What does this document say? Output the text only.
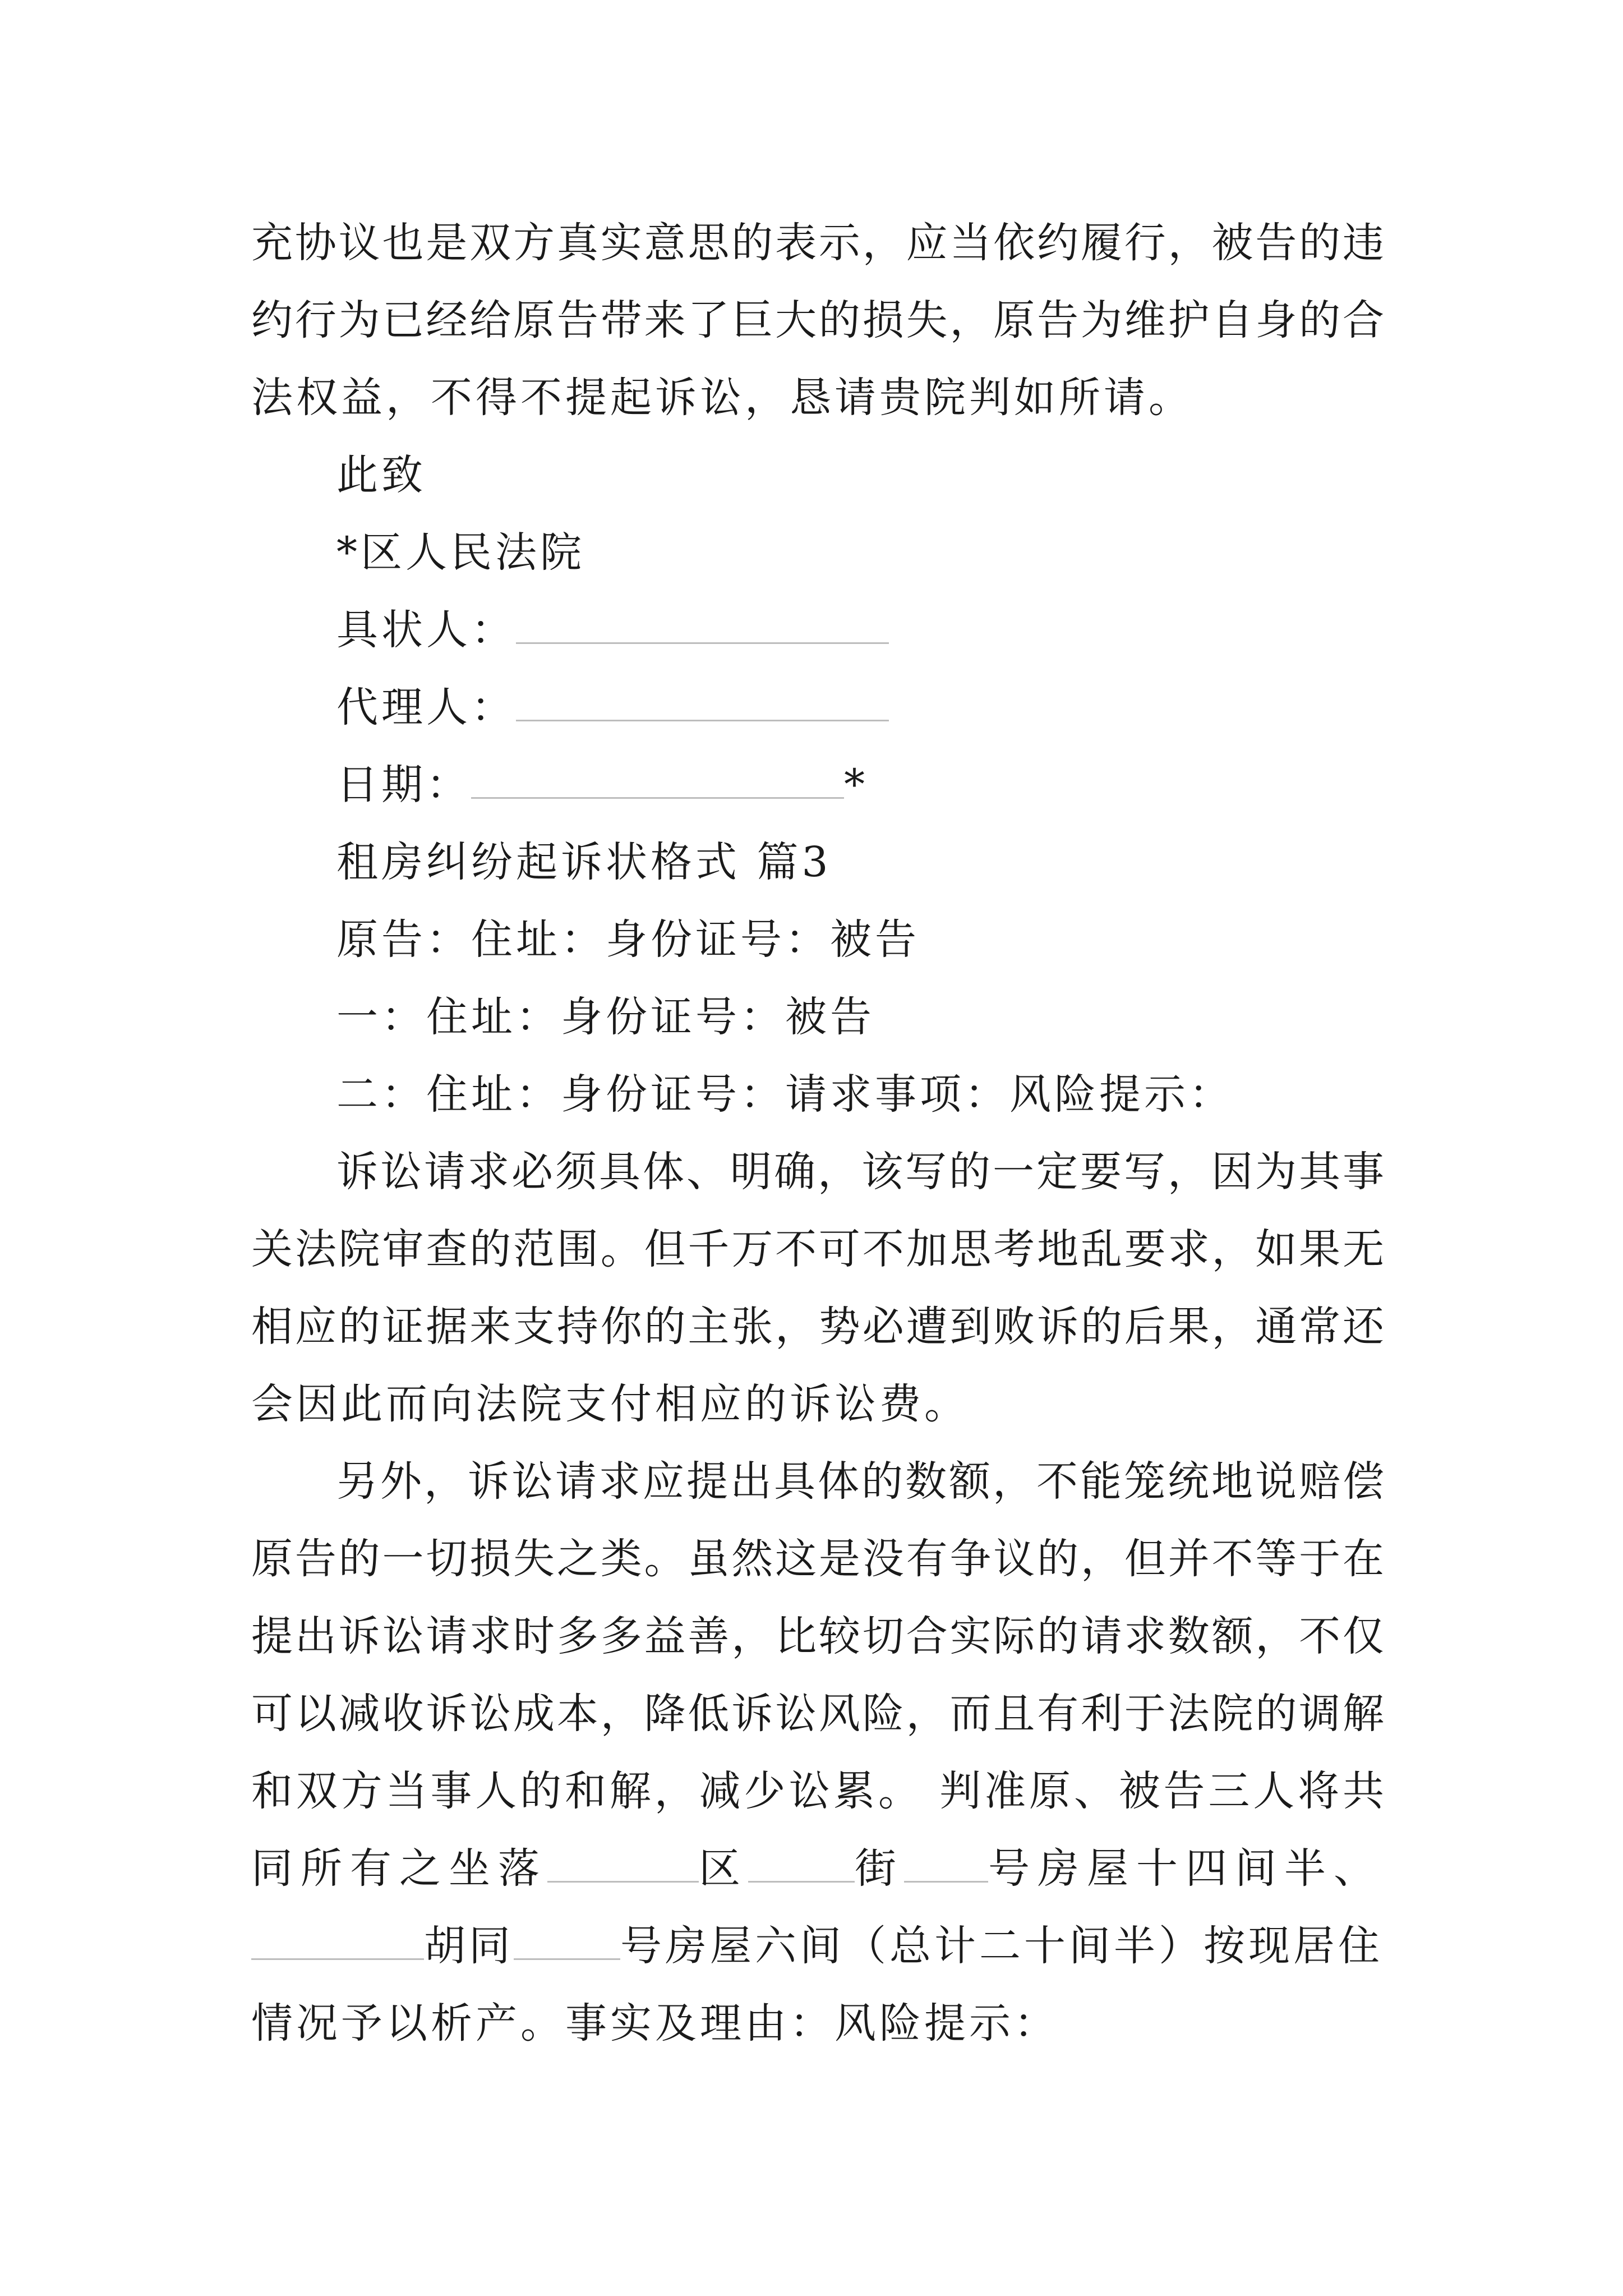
充协议也是双方真实意思的表示，应当依约履行，被告的违
约行为已经给原告带来了巨大的损失，原告为维护自身的合
法权益，不得不提起诉讼，恳请贵院判如所请。
此致
*区人民法院
具状人：
代理人：
日期：	*
租房纠纷起诉状格式 篇3
原告：住址：身份证号：被告
一：住址：身份证号：被告
二：住址：身份证号：请求事项：风险提示：
诉讼请求必须具体、明确，该写的一定要写，因为其事
关法院审查的范围。但千万不可不加思考地乱要求，如果无
相应的证据来支持你的主张，势必遭到败诉的后果，通常还
会因此而向法院支付相应的诉讼费。
另外，诉讼请求应提出具体的数额，不能笼统地说赔偿
原告的一切损失之类。虽然这是没有争议的，但并不等于在
提出诉讼请求时多多益善，比较切合实际的请求数额，不仅
可以减收诉讼成本，降低诉讼风险，而且有利于法院的调解
和双方当事人的和解，减少讼累。 判准原、被告三人将共
同所有之坐落	区	街 号房屋十四间半、
胡同	号房屋六间（总计二十间半）按现居住
情况予以析产。事实及理由：风险提示：
